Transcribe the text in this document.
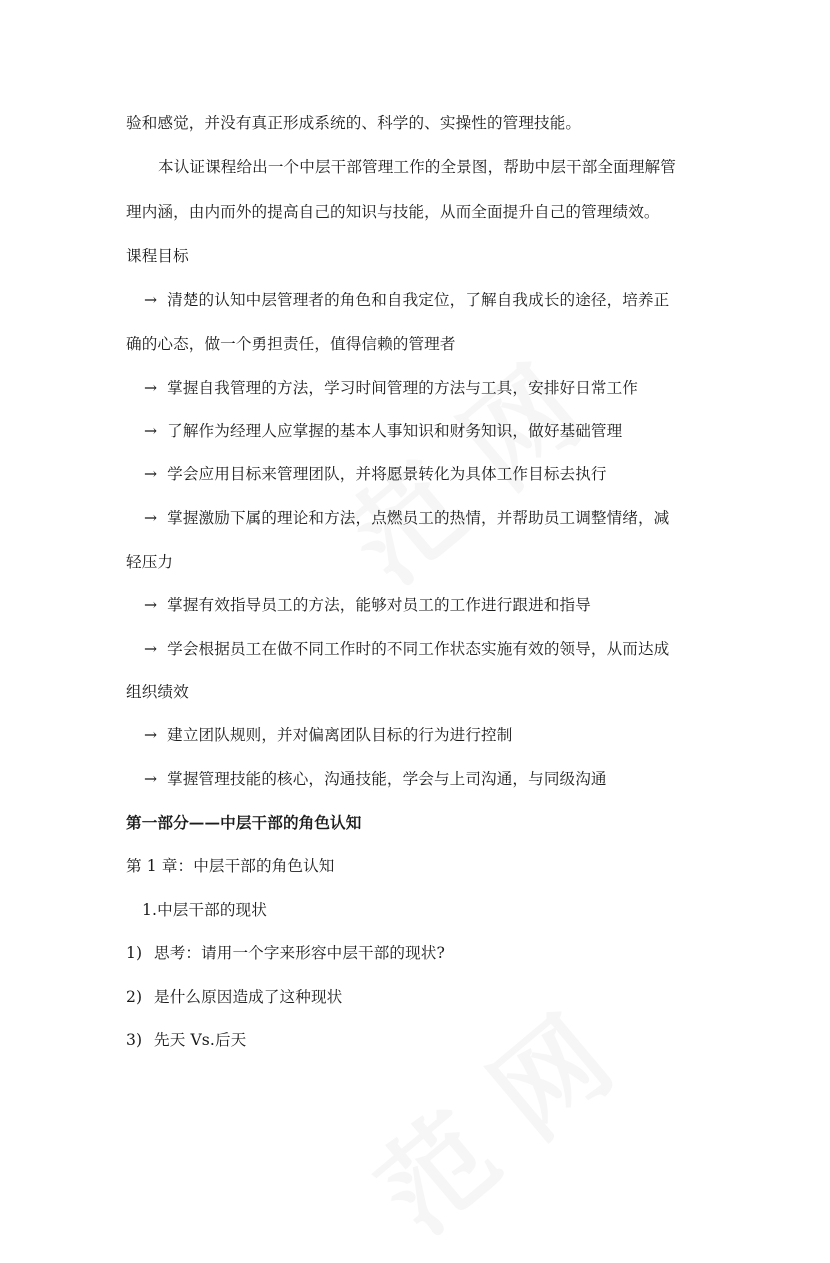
验和感觉，并没有真正形成系统的、科学的、实操性的管理技能。
本认证课程给出一个中层干部管理工作的全景图，帮助中层干部全面理解管
理内涵，由内而外的提高自己的知识与技能，从而全面提升自己的管理绩效。
课程目标
→ 清楚的认知中层管理者的角色和自我定位，了解自我成长的途径，培养正
确的心态，做一个勇担责任，值得信赖的管理者
→ 掌握自我管理的方法，学习时间管理的方法与工具，安排好日常工作
→ 了解作为经理人应掌握的基本人事知识和财务知识，做好基础管理
→ 学会应用目标来管理团队，并将愿景转化为具体工作目标去执行
→ 掌握激励下属的理论和方法，点燃员工的热情，并帮助员工调整情绪，减
轻压力
→ 掌握有效指导员工的方法，能够对员工的工作进行跟进和指导
→ 学会根据员工在做不同工作时的不同工作状态实施有效的领导，从而达成
组织绩效
→ 建立团队规则，并对偏离团队目标的行为进行控制
→ 掌握管理技能的核心，沟通技能，学会与上司沟通，与同级沟通
第一部分——中层干部的角色认知
第 1 章：中层干部的角色认知
1.中层干部的现状
1) 思考：请用一个字来形容中层干部的现状?
2) 是什么原因造成了这种现状
3) 先天 Vs.后天
